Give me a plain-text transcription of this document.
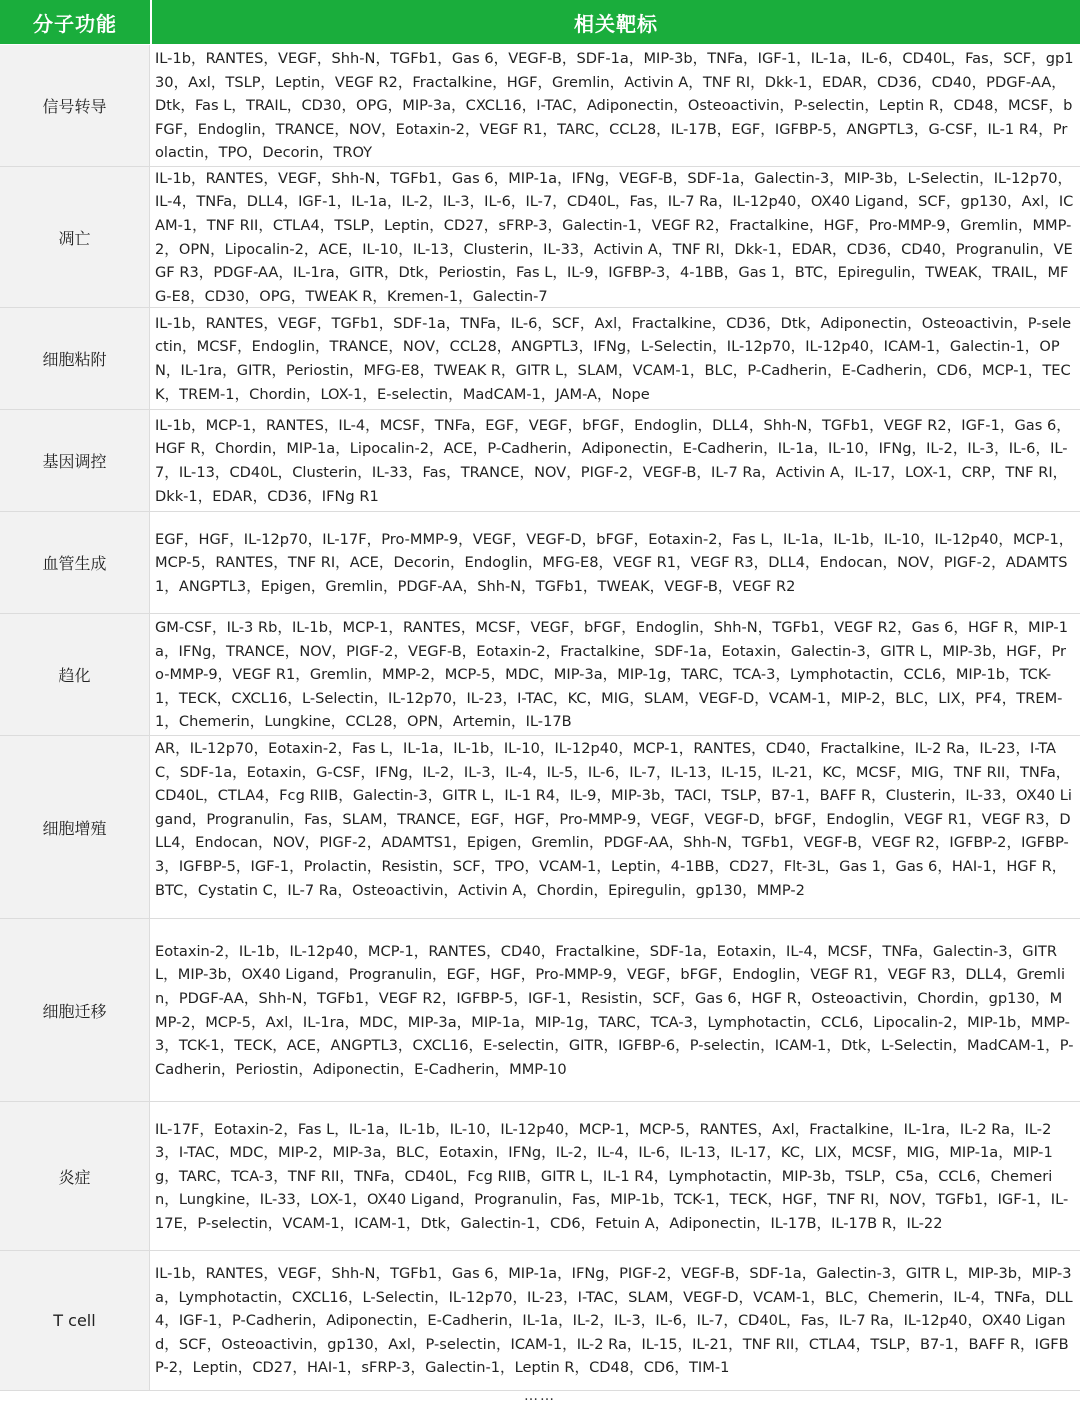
分子功能	相关靶标
信号转导
IL-1b，RANTES，VEGF，Shh-N，TGFb1，Gas 6，VEGF-B，SDF-1a，MIP-3b，TNFa，IGF-1，IL-1a，IL-6，CD40L，Fas，SCF，gp130，Axl，TSLP，Leptin，VEGF R2，Fractalkine，HGF，Gremlin，Activin A，TNF RI，Dkk-1，EDAR，CD36，CD40，PDGF-AA，Dtk，Fas L，TRAIL，CD30，OPG，MIP-3a，CXCL16，I-TAC，Adiponectin，Osteoactivin，P-selectin，Leptin R，CD48，MCSF，bFGF，Endoglin，TRANCE，NOV，Eotaxin-2，VEGF R1，TARC，CCL28，IL-17B，EGF，IGFBP-5，ANGPTL3，G-CSF，IL-1 R4，Prolactin，TPO，Decorin，TROY
凋亡
IL-1b，RANTES，VEGF，Shh-N，TGFb1，Gas 6，MIP-1a，IFNg，VEGF-B，SDF-1a，Galectin-3，MIP-3b，L-Selectin，IL-12p70，IL-4，TNFa，DLL4，IGF-1，IL-1a，IL-2，IL-3，IL-6，IL-7，CD40L，Fas，IL-7 Ra，IL-12p40，OX40 Ligand，SCF，gp130，Axl，ICAM-1，TNF RII，CTLA4，TSLP，Leptin，CD27，sFRP-3，Galectin-1，VEGF R2，Fractalkine，HGF，Pro-MMP-9，Gremlin，MMP-2，OPN，Lipocalin-2，ACE，IL-10，IL-13，Clusterin，IL-33，Activin A，TNF RI，Dkk-1，EDAR，CD36，CD40，Progranulin，VEGF R3，PDGF-AA，IL-1ra，GITR，Dtk，Periostin，Fas L，IL-9，IGFBP-3，4-1BB，Gas 1，BTC，Epiregulin，TWEAK，TRAIL，MFG-E8，CD30，OPG，TWEAK R，Kremen-1，Galectin-7
细胞粘附
IL-1b，RANTES，VEGF，TGFb1，SDF-1a，TNFa，IL-6，SCF，Axl，Fractalkine，CD36，Dtk，Adiponectin，Osteoactivin，P-selectin，MCSF，Endoglin，TRANCE，NOV，CCL28，ANGPTL3，IFNg，L-Selectin，IL-12p70，IL-12p40，ICAM-1，Galectin-1，OPN，IL-1ra，GITR，Periostin，MFG-E8，TWEAK R，GITR L，SLAM，VCAM-1，BLC，P-Cadherin，E-Cadherin，CD6，MCP-1，TECK，TREM-1，Chordin，LOX-1，E-selectin，MadCAM-1，JAM-A，Nope
基因调控
IL-1b，MCP-1，RANTES，IL-4，MCSF，TNFa，EGF，VEGF，bFGF，Endoglin，DLL4，Shh-N，TGFb1，VEGF R2，IGF-1，Gas 6，HGF R，Chordin，MIP-1a，Lipocalin-2，ACE，P-Cadherin，Adiponectin，E-Cadherin，IL-1a，IL-10，IFNg，IL-2，IL-3，IL-6，IL-7，IL-13，CD40L，Clusterin，IL-33，Fas，TRANCE，NOV，PIGF-2，VEGF-B，IL-7 Ra，Activin A，IL-17，LOX-1，CRP，TNF RI，Dkk-1，EDAR，CD36，IFNg R1
血管生成
EGF，HGF，IL-12p70，IL-17F，Pro-MMP-9，VEGF，VEGF-D，bFGF，Eotaxin-2，Fas L，IL-1a，IL-1b，IL-10，IL-12p40，MCP-1，MCP-5，RANTES，TNF RI，ACE，Decorin，Endoglin，MFG-E8，VEGF R1，VEGF R3，DLL4，Endocan，NOV，PIGF-2，ADAMTS1，ANGPTL3，Epigen，Gremlin，PDGF-AA，Shh-N，TGFb1，TWEAK，VEGF-B，VEGF R2
趋化
GM-CSF，IL-3 Rb，IL-1b，MCP-1，RANTES，MCSF，VEGF，bFGF，Endoglin，Shh-N，TGFb1，VEGF R2，Gas 6，HGF R，MIP-1a，IFNg，TRANCE，NOV，PIGF-2，VEGF-B，Eotaxin-2，Fractalkine，SDF-1a，Eotaxin，Galectin-3，GITR L，MIP-3b，HGF，Pro-MMP-9，VEGF R1，Gremlin，MMP-2，MCP-5，MDC，MIP-3a，MIP-1g，TARC，TCA-3，Lymphotactin，CCL6，MIP-1b，TCK-1，TECK，CXCL16，L-Selectin，IL-12p70，IL-23，I-TAC，KC，MIG，SLAM，VEGF-D，VCAM-1，MIP-2，BLC，LIX，PF4，TREM-1，Chemerin，Lungkine，CCL28，OPN，Artemin，IL-17B
细胞增殖
AR，IL-12p70，Eotaxin-2，Fas L，IL-1a，IL-1b，IL-10，IL-12p40，MCP-1，RANTES，CD40，Fractalkine，IL-2 Ra，IL-23，I-TAC，SDF-1a，Eotaxin，G-CSF，IFNg，IL-2，IL-3，IL-4，IL-5，IL-6，IL-7，IL-13，IL-15，IL-21，KC，MCSF，MIG，TNF RII，TNFa，CD40L，CTLA4，Fcg RIIB，Galectin-3，GITR L，IL-1 R4，IL-9，MIP-3b，TACI，TSLP，B7-1，BAFF R，Clusterin，IL-33，OX40 Ligand，Progranulin，Fas，SLAM，TRANCE，EGF，HGF，Pro-MMP-9，VEGF，VEGF-D，bFGF，Endoglin，VEGF R1，VEGF R3，DLL4，Endocan，NOV，PIGF-2，ADAMTS1，Epigen，Gremlin，PDGF-AA，Shh-N，TGFb1，VEGF-B，VEGF R2，IGFBP-2，IGFBP-3，IGFBP-5，IGF-1，Prolactin，Resistin，SCF，TPO，VCAM-1，Leptin，4-1BB，CD27，Flt-3L，Gas 1，Gas 6，HAI-1，HGF R，BTC，Cystatin C，IL-7 Ra，Osteoactivin，Activin A，Chordin，Epiregulin，gp130，MMP-2
细胞迁移
Eotaxin-2，IL-1b，IL-12p40，MCP-1，RANTES，CD40，Fractalkine，SDF-1a，Eotaxin，IL-4，MCSF，TNFa，Galectin-3，GITR L，MIP-3b，OX40 Ligand，Progranulin，EGF，HGF，Pro-MMP-9，VEGF，bFGF，Endoglin，VEGF R1，VEGF R3，DLL4，Gremlin，PDGF-AA，Shh-N，TGFb1，VEGF R2，IGFBP-5，IGF-1，Resistin，SCF，Gas 6，HGF R，Osteoactivin，Chordin，gp130，MMP-2，MCP-5，Axl，IL-1ra，MDC，MIP-3a，MIP-1a，MIP-1g，TARC，TCA-3，Lymphotactin，CCL6，Lipocalin-2，MIP-1b，MMP-3，TCK-1，TECK，ACE，ANGPTL3，CXCL16，E-selectin，GITR，IGFBP-6，P-selectin，ICAM-1，Dtk，L-Selectin，MadCAM-1，P-Cadherin，Periostin，Adiponectin，E-Cadherin，MMP-10
炎症
IL-17F，Eotaxin-2，Fas L，IL-1a，IL-1b，IL-10，IL-12p40，MCP-1，MCP-5，RANTES，Axl，Fractalkine，IL-1ra，IL-2 Ra，IL-23，I-TAC，MDC，MIP-2，MIP-3a，BLC，Eotaxin，IFNg，IL-2，IL-4，IL-6，IL-13，IL-17，KC，LIX，MCSF，MIG，MIP-1a，MIP-1g，TARC，TCA-3，TNF RII，TNFa，CD40L，Fcg RIIB，GITR L，IL-1 R4，Lymphotactin，MIP-3b，TSLP，C5a，CCL6，Chemerin，Lungkine，IL-33，LOX-1，OX40 Ligand，Progranulin，Fas，MIP-1b，TCK-1，TECK，HGF，TNF RI，NOV，TGFb1，IGF-1，IL-17E，P-selectin，VCAM-1，ICAM-1，Dtk，Galectin-1，CD6，Fetuin A，Adiponectin，IL-17B，IL-17B R，IL-22
T cell
IL-1b，RANTES，VEGF，Shh-N，TGFb1，Gas 6，MIP-1a，IFNg，PIGF-2，VEGF-B，SDF-1a，Galectin-3，GITR L，MIP-3b，MIP-3a，Lymphotactin，CXCL16，L-Selectin，IL-12p70，IL-23，I-TAC，SLAM，VEGF-D，VCAM-1，BLC，Chemerin，IL-4，TNFa，DLL4，IGF-1，P-Cadherin，Adiponectin，E-Cadherin，IL-1a，IL-2，IL-3，IL-6，IL-7，CD40L，Fas，IL-7 Ra，IL-12p40，OX40 Ligand，SCF，Osteoactivin，gp130，Axl，P-selectin，ICAM-1，IL-2 Ra，IL-15，IL-21，TNF RII，CTLA4，TSLP，B7-1，BAFF R，IGFBP-2，Leptin，CD27，HAI-1，sFRP-3，Galectin-1，Leptin R，CD48，CD6，TIM-1
……
